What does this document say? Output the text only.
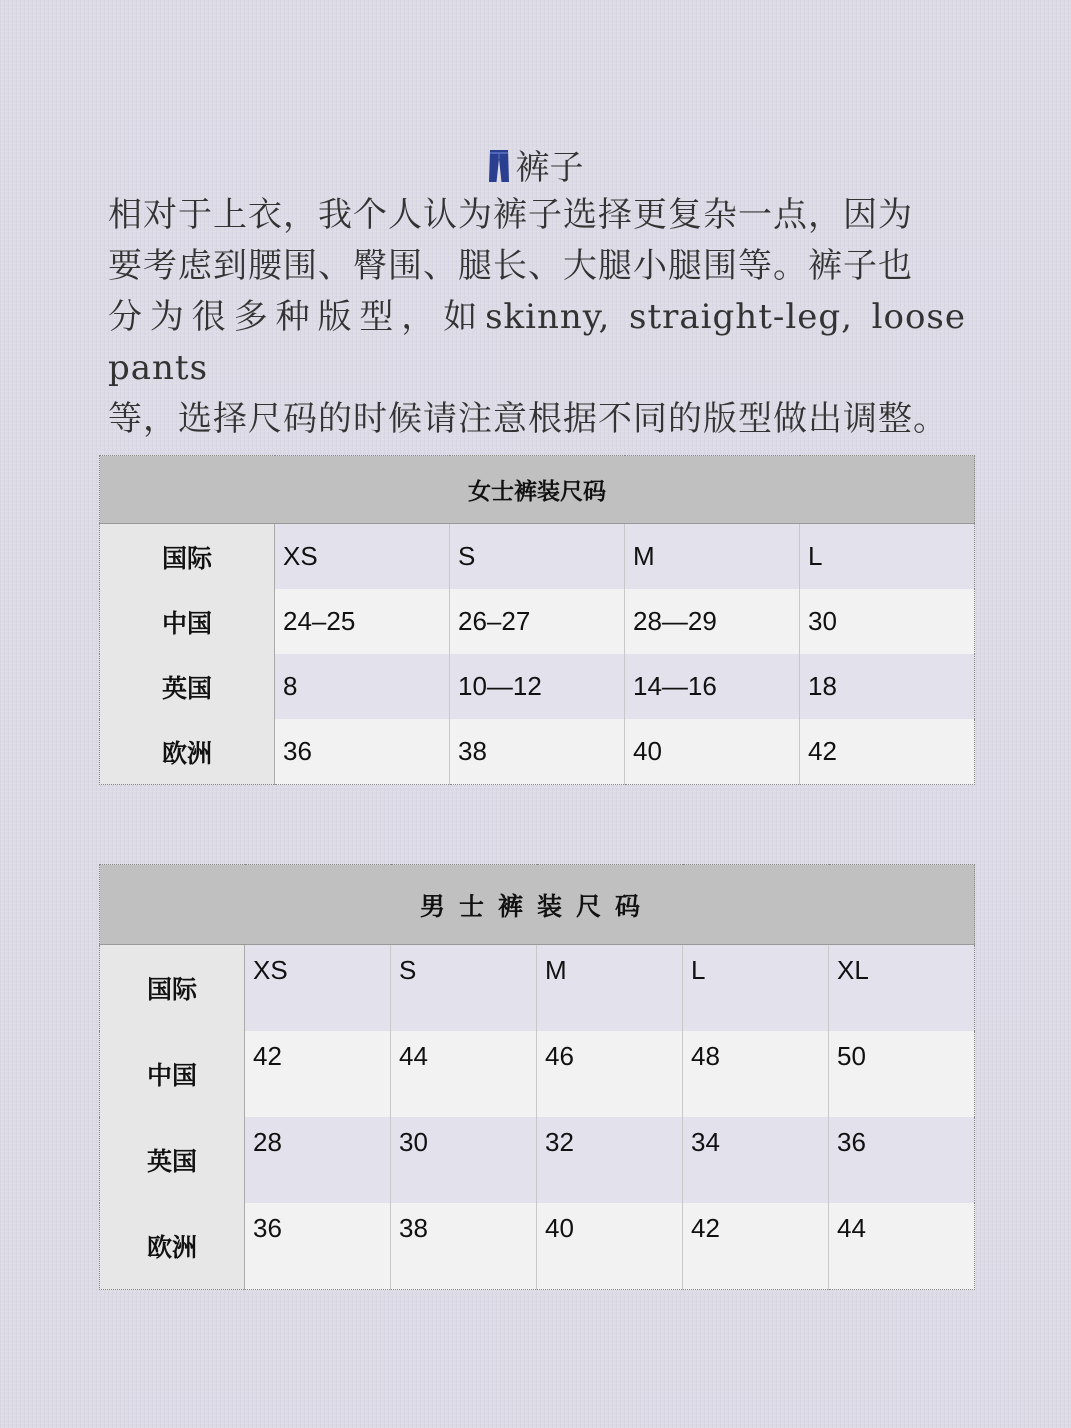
裤子

相对于上衣，我个人认为裤子选择更复杂一点，因为

要考虑到腰围、臀围、腿长、大腿小腿围等。裤子也

分为很多种版型，如skinny, straight-leg, loose pants

等，选择尺码的时候请注意根据不同的版型做出调整。

女士裤装尺码				
国际	XS	S	M	L
中国	24–25	26–27	28—29	30
英国	8	10—12	14—16	18
欧洲	36	38	40	42
男士裤装尺码					
国际	XS	S	M	L	XL
中国	42	44	46	48	50
英国	28	30	32	34	36
欧洲	36	38	40	42	44
